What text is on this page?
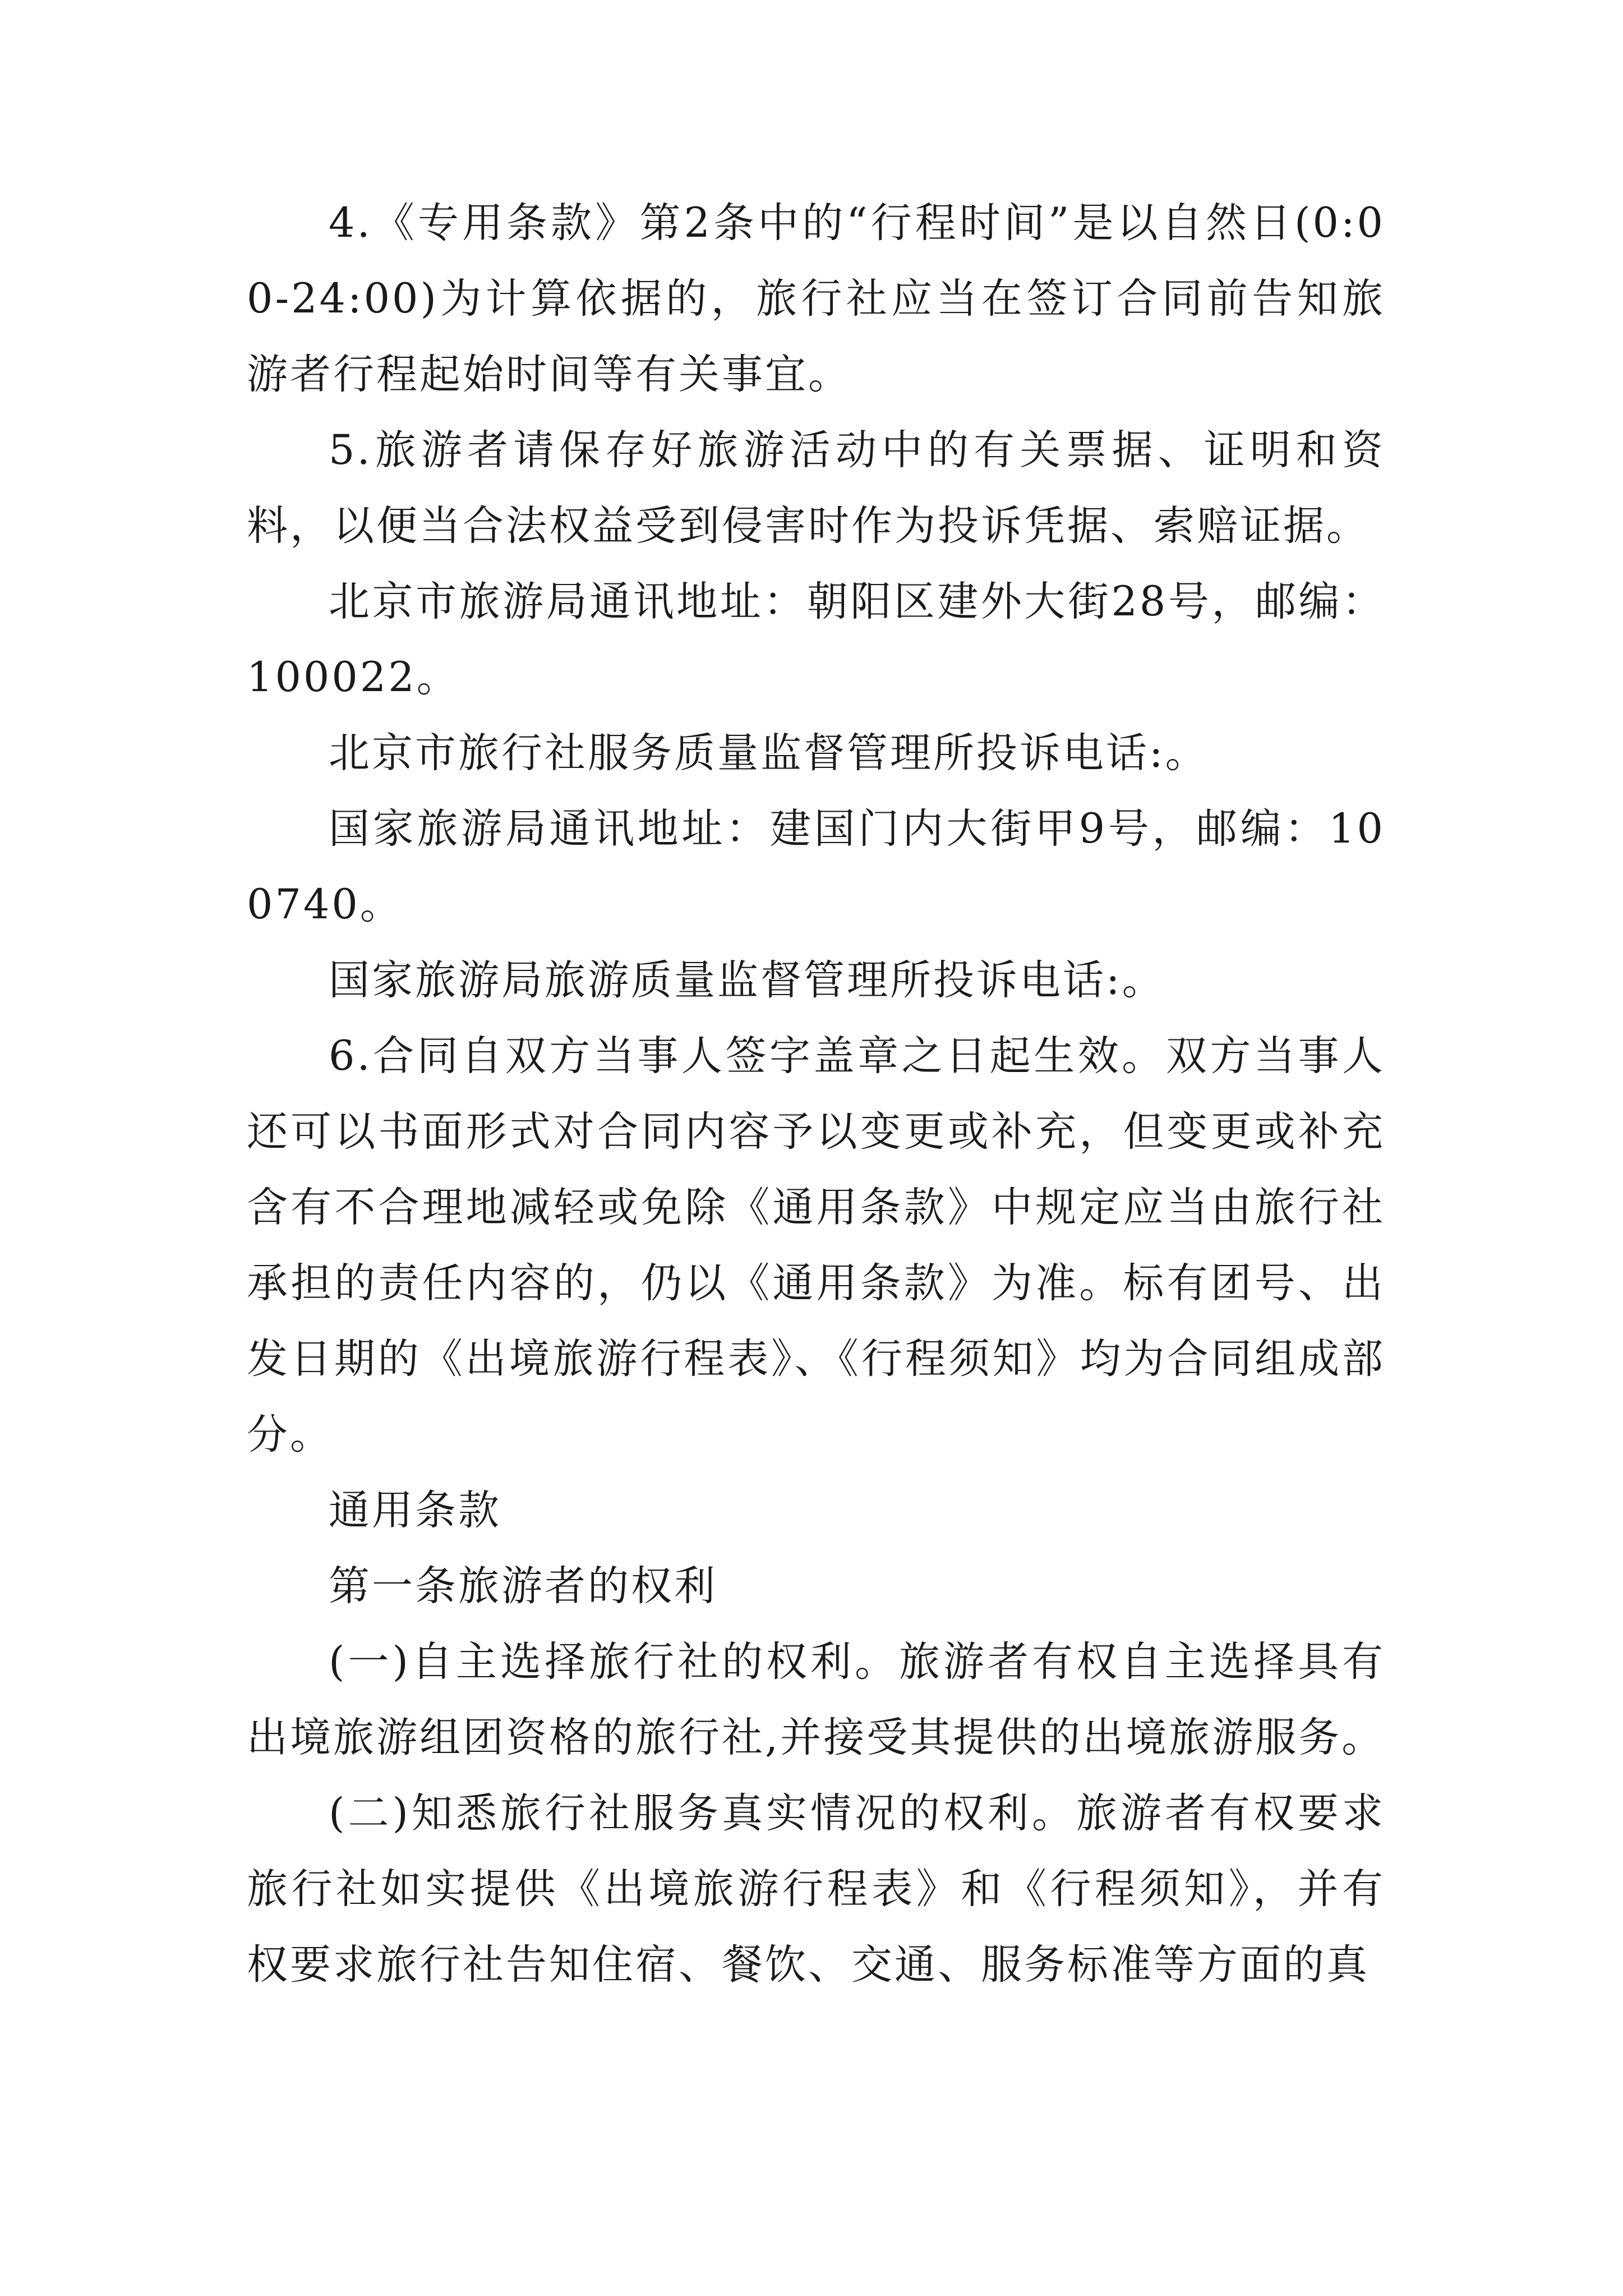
4.《专用条款》第2条中的“行程时间”是以自然日(0:00-24:00)为计算依据的，旅行社应当在签订合同前告知旅游者行程起始时间等有关事宜。

5.旅游者请保存好旅游活动中的有关票据、证明和资料，以便当合法权益受到侵害时作为投诉凭据、索赔证据。

北京市旅游局通讯地址：朝阳区建外大街28号，邮编：100022。

北京市旅行社服务质量监督管理所投诉电话:。

国家旅游局通讯地址：建国门内大街甲9号，邮编：100740。

国家旅游局旅游质量监督管理所投诉电话:。

6.合同自双方当事人签字盖章之日起生效。双方当事人还可以书面形式对合同内容予以变更或补充，但变更或补充含有不合理地减轻或免除《通用条款》中规定应当由旅行社承担的责任内容的，仍以《通用条款》为准。标有团号、出发日期的《出境旅游行程表》、《行程须知》均为合同组成部分。

通用条款

第一条旅游者的权利

(一)自主选择旅行社的权利。旅游者有权自主选择具有出境旅游组团资格的旅行社,并接受其提供的出境旅游服务。

(二)知悉旅行社服务真实情况的权利。旅游者有权要求旅行社如实提供《出境旅游行程表》和《行程须知》，并有权要求旅行社告知住宿、餐饮、交通、服务标准等方面的真
